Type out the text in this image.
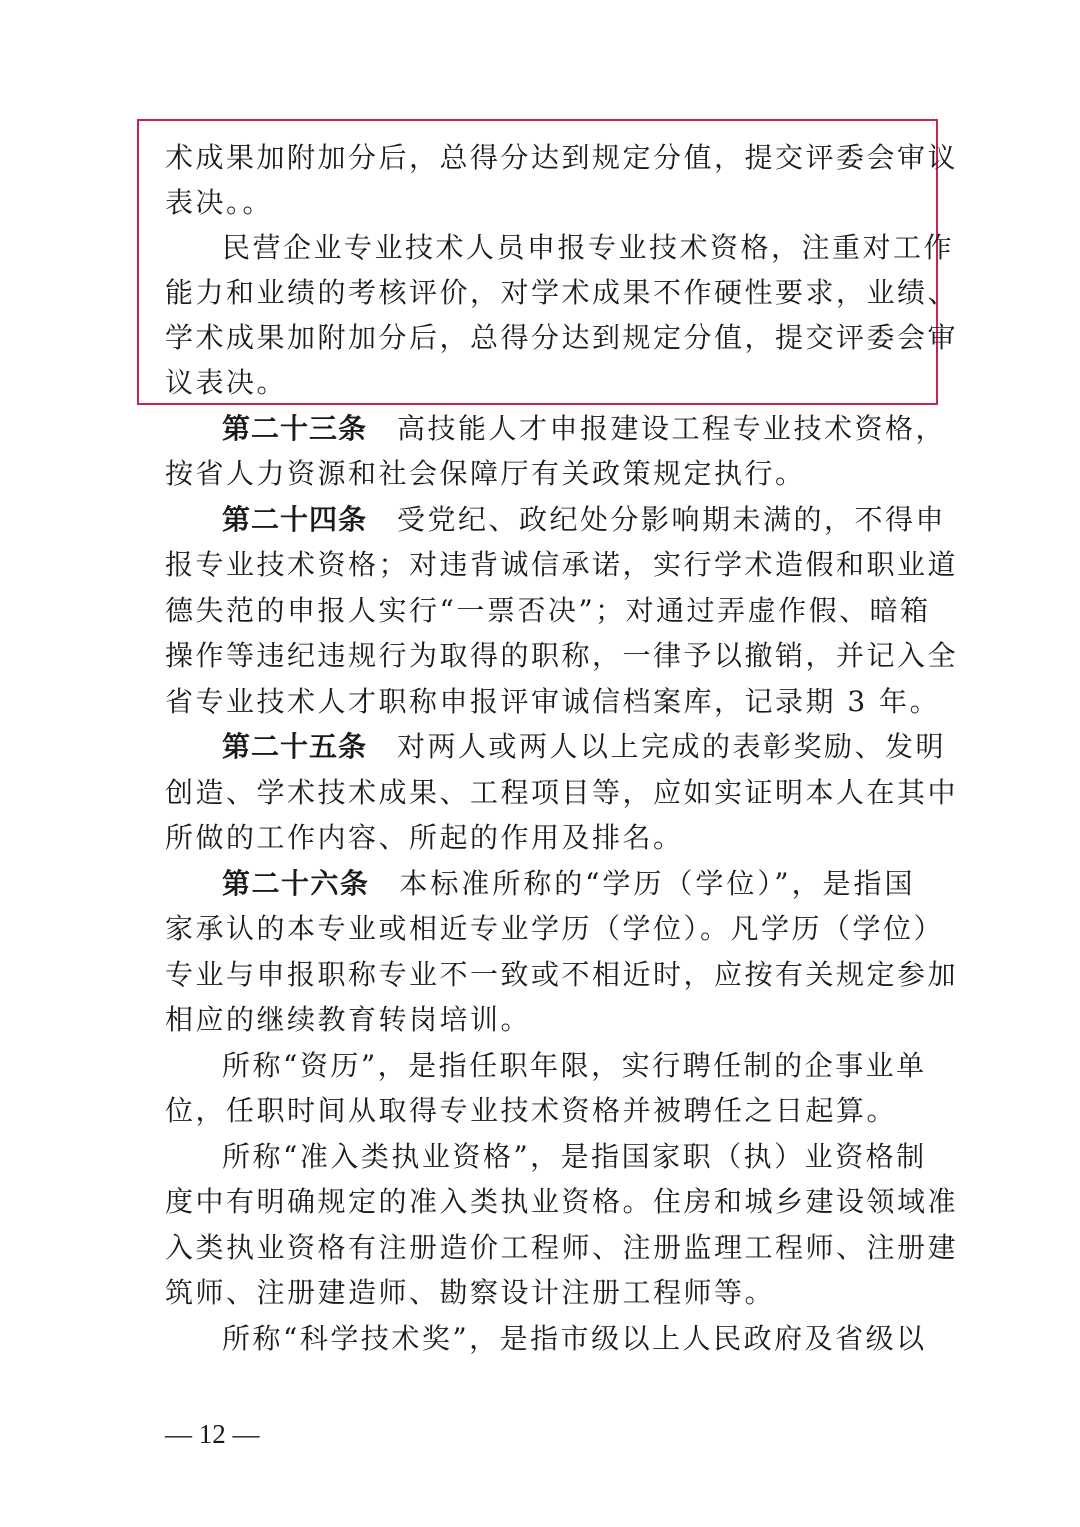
术成果加附加分后，总得分达到规定分值，提交评委会审议
表决。。
民营企业专业技术人员申报专业技术资格，注重对工作
能力和业绩的考核评价，对学术成果不作硬性要求，业绩、
学术成果加附加分后，总得分达到规定分值，提交评委会审
议表决。
第二十三条 高技能人才申报建设工程专业技术资格，
按省人力资源和社会保障厅有关政策规定执行。
第二十四条 受党纪、政纪处分影响期未满的，不得申
报专业技术资格；对违背诚信承诺，实行学术造假和职业道
德失范的申报人实行“一票否决”；对通过弄虚作假、暗箱
操作等违纪违规行为取得的职称，一律予以撤销，并记入全
省专业技术人才职称申报评审诚信档案库，记录期 3 年。
第二十五条 对两人或两人以上完成的表彰奖励、发明
创造、学术技术成果、工程项目等，应如实证明本人在其中
所做的工作内容、所起的作用及排名。
第二十六条 本标准所称的“学历（学位）”，是指国
家承认的本专业或相近专业学历（学位）。凡学历（学位）
专业与申报职称专业不一致或不相近时，应按有关规定参加
相应的继续教育转岗培训。
所称“资历”，是指任职年限，实行聘任制的企事业单
位，任职时间从取得专业技术资格并被聘任之日起算。
所称“准入类执业资格”，是指国家职（执）业资格制
度中有明确规定的准入类执业资格。住房和城乡建设领域准
入类执业资格有注册造价工程师、注册监理工程师、注册建
筑师、注册建造师、勘察设计注册工程师等。
所称“科学技术奖”，是指市级以上人民政府及省级以
— 12 —
